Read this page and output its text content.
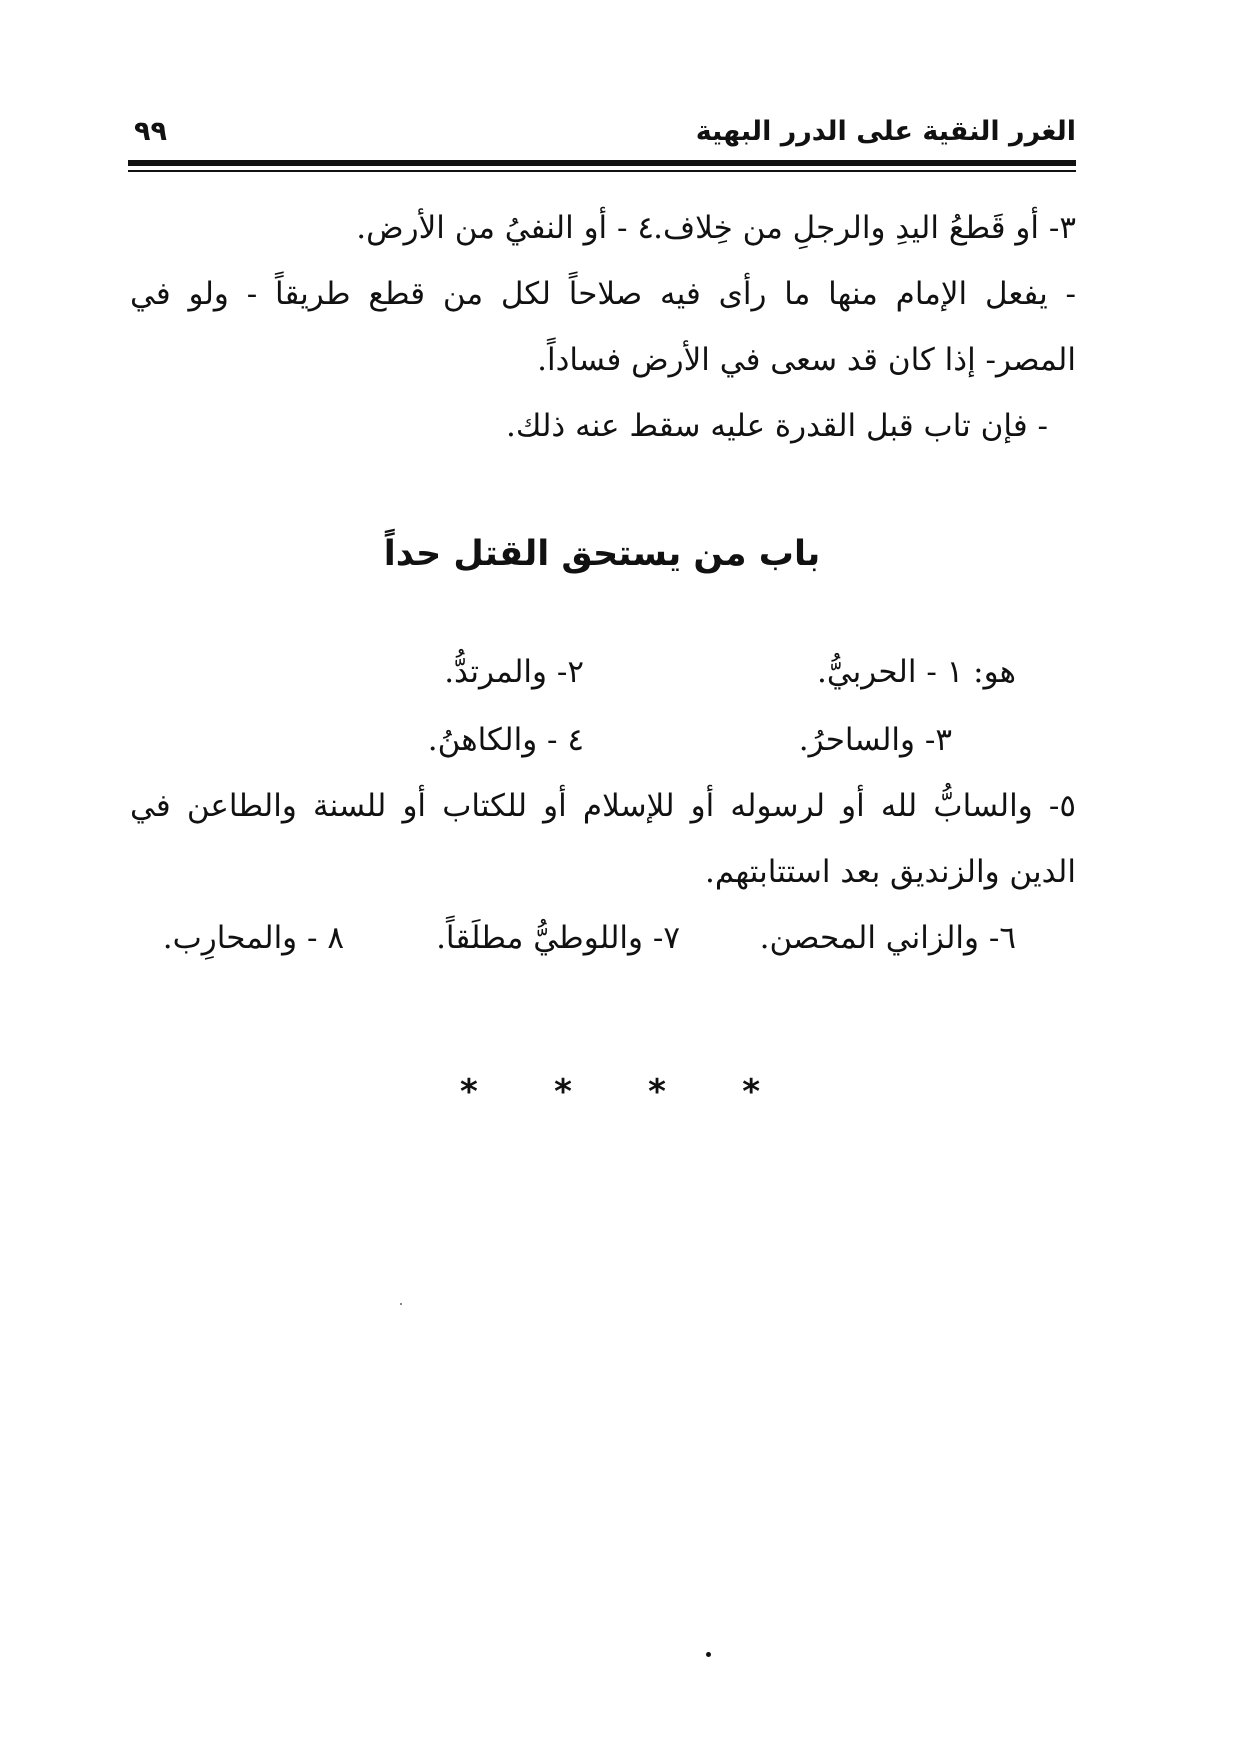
الغرر النقية على الدرر البهية
٩٩
٣- أو قَطعُ اليدِ والرجلِ من خِلاف.
٤ - أو النفيُ من الأرض.
- يفعل الإمام منها ما رأى فيه صلاحاً لكل من قطع طريقاً - ولو في
المصر- إذا كان قد سعى في الأرض فساداً.
- فإن تاب قبل القدرة عليه سقط عنه ذلك.
باب من يستحق القتل حداً
هو: ١ - الحربيُّ.
٢- والمرتدُّ.
٣- والساحرُ.
٤ - والكاهنُ.
٥- والسابُّ لله أو لرسوله أو للإسلام أو للكتاب أو للسنة والطاعن في
الدين والزنديق بعد استتابتهم.
٦- والزاني المحصن.
٧- واللوطيُّ مطلَقاً.
٨ - والمحارِب.
* * * *
